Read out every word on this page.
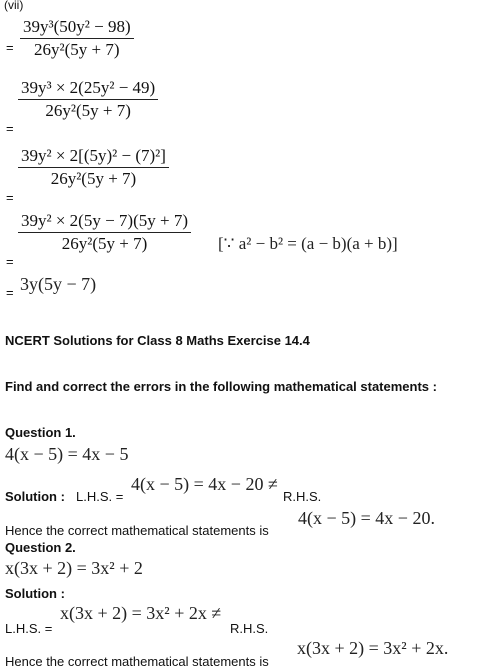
(vii)
=
39y³(50y² − 98)
26y²(5y + 7)
39y³ × 2(25y² − 49)
26y²(5y + 7)
=
39y² × 2[(5y)² − (7)²]
26y²(5y + 7)
=
39y² × 2(5y − 7)(5y + 7)
26y²(5y + 7)	[∵ a² − b² = (a − b)(a + b)]
=
= 3y(5y − 7)
NCERT Solutions for Class 8 Maths Exercise 14.4
Find and correct the errors in the following mathematical statements :
Question 1.
4(x − 5) = 4x − 5
Solution : L.H.S. =
4(x − 5) = 4x − 20 ≠
R.H.S.
Hence the correct mathematical statements is
4(x − 5) = 4x − 20.
Question 2.
x(3x + 2) = 3x² + 2
Solution :
L.H.S. =
x(3x + 2) = 3x² + 2x ≠
R.H.S.
Hence the correct mathematical statements is
x(3x + 2) = 3x² + 2x.
